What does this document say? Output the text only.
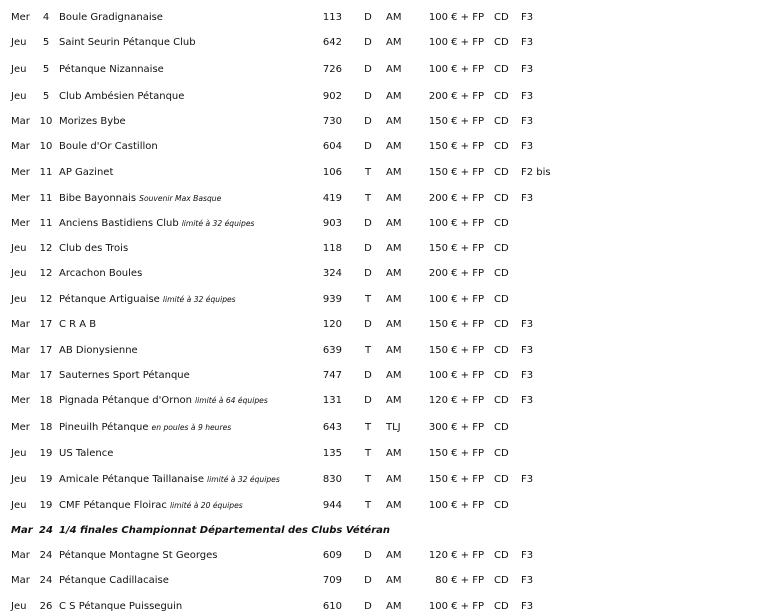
Mer	4 Boule Gradignanaise	113 D AM	100 € + FP CD	F3
Jeu	5 Saint Seurin Pétanque Club	642 D AM	100 € + FP CD	F3
Jeu	5 Pétanque Nizannaise	726 D AM	100 € + FP CD	F3
Jeu	5 Club Ambésien Pétanque	902 D AM	200 € + FP CD	F3
Mar 10 Morizes Bybe	730 D AM	150 € + FP CD	F3
Mar 10 Boule d'Or Castillon	604 D AM	150 € + FP CD	F3
Mer 11 AP Gazinet	106 T AM	150 € + FP CD	F2 bis
Mer 11 Bibe Bayonnais Souvenir Max Basque	419 T AM	200 € + FP CD	F3
Mer 11 Anciens Bastidiens Club limité à 32 équipes	903 D AM	100 € + FP CD
Jeu	12 Club des Trois	118 D AM	150 € + FP CD
Jeu	12 Arcachon Boules	324 D AM	200 € + FP CD
Jeu	12 Pétanque Artiguaise limité à 32 équipes	939 T AM	100 € + FP CD
Mar 17 C R A B	120 D AM	150 € + FP CD	F3
Mar 17 AB Dionysienne	639 T AM	150 € + FP CD	F3
Mar 17 Sauternes Sport Pétanque	747 D AM	100 € + FP CD	F3
Mer 18 Pignada Pétanque d'Ornon limité à 64 équipes	131 D AM	120 € + FP CD	F3
Mer 18 Pineuilh Pétanque en poules à 9 heures	643 T TLJ	300 € + FP CD
Jeu	19 US Talence	135 T AM	150 € + FP CD
Jeu	19 Amicale Pétanque Taillanaise limité à 32 équipes	830 T AM	150 € + FP CD	F3
Jeu	19 CMF Pétanque Floirac limité à 20 équipes	944 T AM	100 € + FP CD
Mar 24 1/4 finales Championnat Départemental des Clubs Vétéran
Mar 24 Pétanque Montagne St Georges	609 D AM	120 € + FP CD	F3
Mar 24 Pétanque Cadillacaise	709 D AM	80 € + FP CD	F3
Jeu	26 C S Pétanque Puisseguin	610 D AM	100 € + FP CD	F3
